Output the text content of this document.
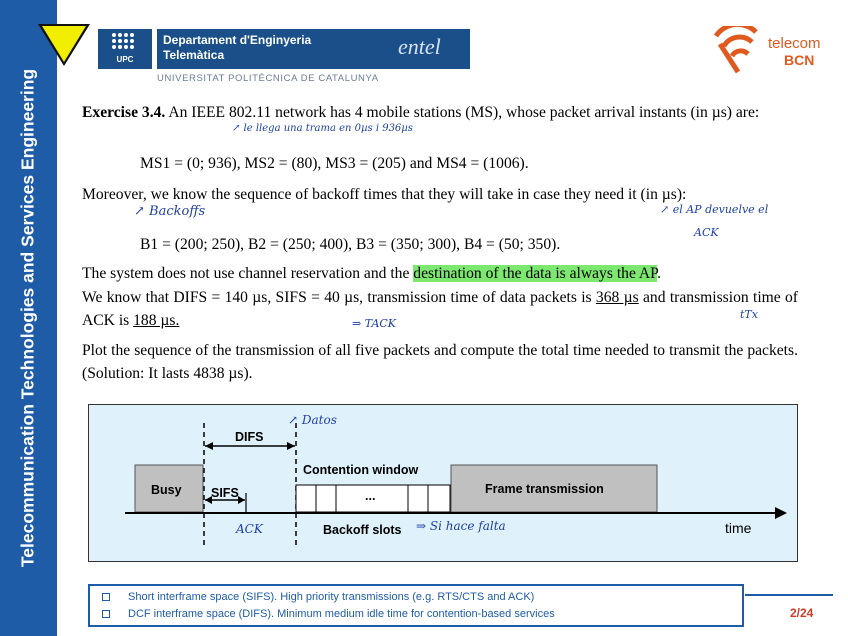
Telecommunication Technologies and Services Engineering
UPC
Departament d'Enginyeria
Telemàtica	entel
UNIVERSITAT POLITÈCNICA DE CATALUNYA
telecom
BCN
Exercise 3.4. An IEEE 802.11 network has 4 mobile stations (MS), whose packet arrival instants (in µs) are:
MS1 = (0; 936), MS2 = (80), MS3 = (205) and MS4 = (1006).
Moreover, we know the sequence of backoff times that they will take in case they need it (in µs):
B1 = (200; 250), B2 = (250; 400), B3 = (350; 300), B4 = (50; 350).
The system does not use channel reservation and the destination of the data is always the AP.
We know that DIFS = 140 µs, SIFS = 40 µs, transmission time of data packets is 368 µs and transmission time of ACK is 188 µs.
Plot the sequence of the transmission of all five packets and compute the total time needed to transmit the packets. (Solution: It lasts 4838 µs).
↗ le llega una trama en 0µs i 936µs
↗ Backoffs	↗ el AP devuelve el
ACK
tTx
⇒ TACK
↗ Datos
ACK	⇒ Si hace falta
DIFS
Busy SIFS
Contention window
...	Frame transmission
Backoff slots	time
Short interframe space (SIFS). High priority transmissions (e.g. RTS/CTS and ACK)
DCF interframe space (DIFS). Minimum medium idle time for contention-based services	2/24
